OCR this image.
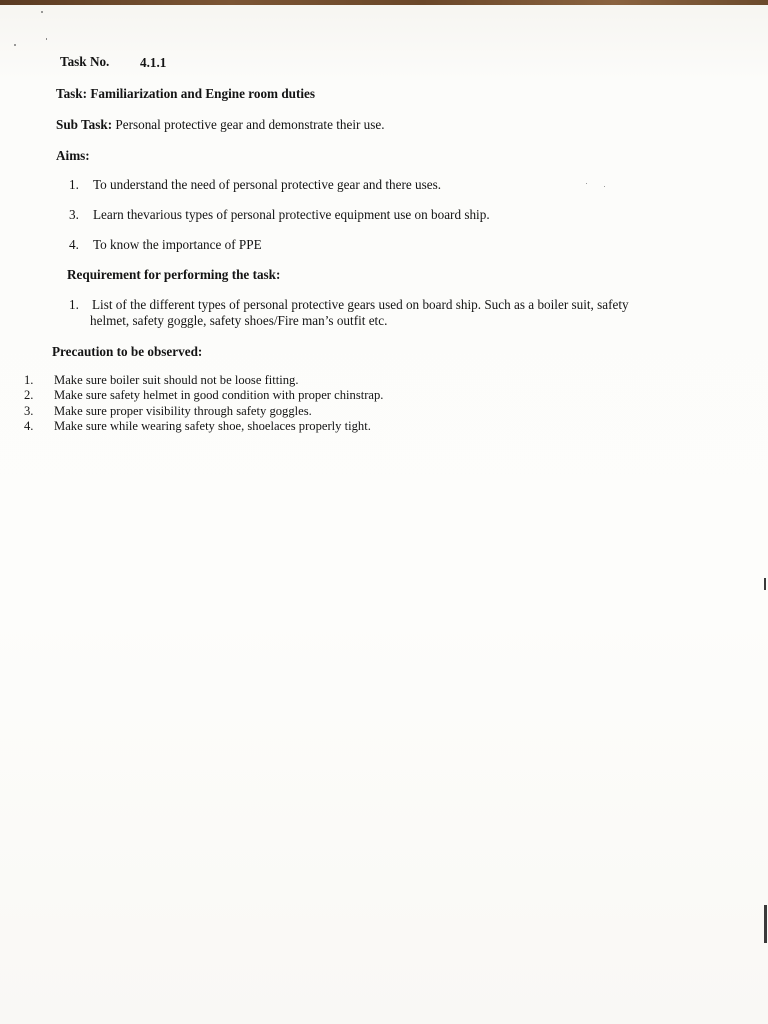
Task No. 4.1.1
Task: Familiarization and Engine room duties
Sub Task: Personal protective gear and demonstrate their use.
Aims:
1. To understand the need of personal protective gear and there uses.
3. Learn thevarious types of personal protective equipment use on board ship.
4. To know the importance of PPE
Requirement for performing the task:
1. List of the different types of personal protective gears used on board ship. Such as a boiler suit, safety
helmet, safety goggle, safety shoes/Fire man’s outfit etc.
Precaution to be observed:
1. Make sure boiler suit should not be loose fitting.
2. Make sure safety helmet in good condition with proper chinstrap.
3. Make sure proper visibility through safety goggles.
4. Make sure while wearing safety shoe, shoelaces properly tight.
